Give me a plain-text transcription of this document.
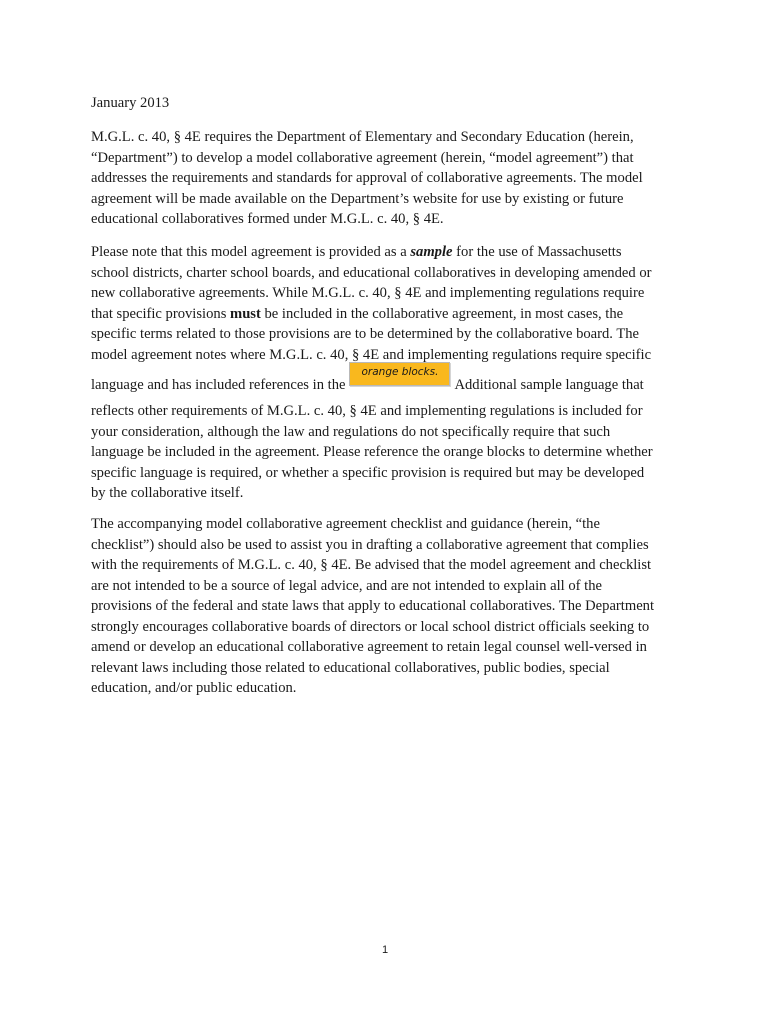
January 2013
M.G.L. c. 40, § 4E requires the Department of Elementary and Secondary Education (herein,
“Department”) to develop a model collaborative agreement (herein, “model agreement”) that
addresses the requirements and standards for approval of collaborative agreements. The model
agreement will be made available on the Department’s website for use by existing or future
educational collaboratives formed under M.G.L. c. 40, § 4E.
Please note that this model agreement is provided as a sample for the use of Massachusetts
school districts, charter school boards, and educational collaboratives in developing amended or
new collaborative agreements. While M.G.L. c. 40, § 4E and implementing regulations require
that specific provisions must be included in the collaborative agreement, in most cases, the
specific terms related to those provisions are to be determined by the collaborative board. The
model agreement notes where M.G.L. c. 40, § 4E and implementing regulations require specific
language and has included references in theorange blocks.Additional sample language that
reflects other requirements of M.G.L. c. 40, § 4E and implementing regulations is included for
your consideration, although the law and regulations do not specifically require that such
language be included in the agreement. Please reference the orange blocks to determine whether
specific language is required, or whether a specific provision is required but may be developed
by the collaborative itself.
The accompanying model collaborative agreement checklist and guidance (herein, “the
checklist”) should also be used to assist you in drafting a collaborative agreement that complies
with the requirements of M.G.L. c. 40, § 4E. Be advised that the model agreement and checklist
are not intended to be a source of legal advice, and are not intended to explain all of the
provisions of the federal and state laws that apply to educational collaboratives. The Department
strongly encourages collaborative boards of directors or local school district officials seeking to
amend or develop an educational collaborative agreement to retain legal counsel well-versed in
relevant laws including those related to educational collaboratives, public bodies, special
education, and/or public education.
1
